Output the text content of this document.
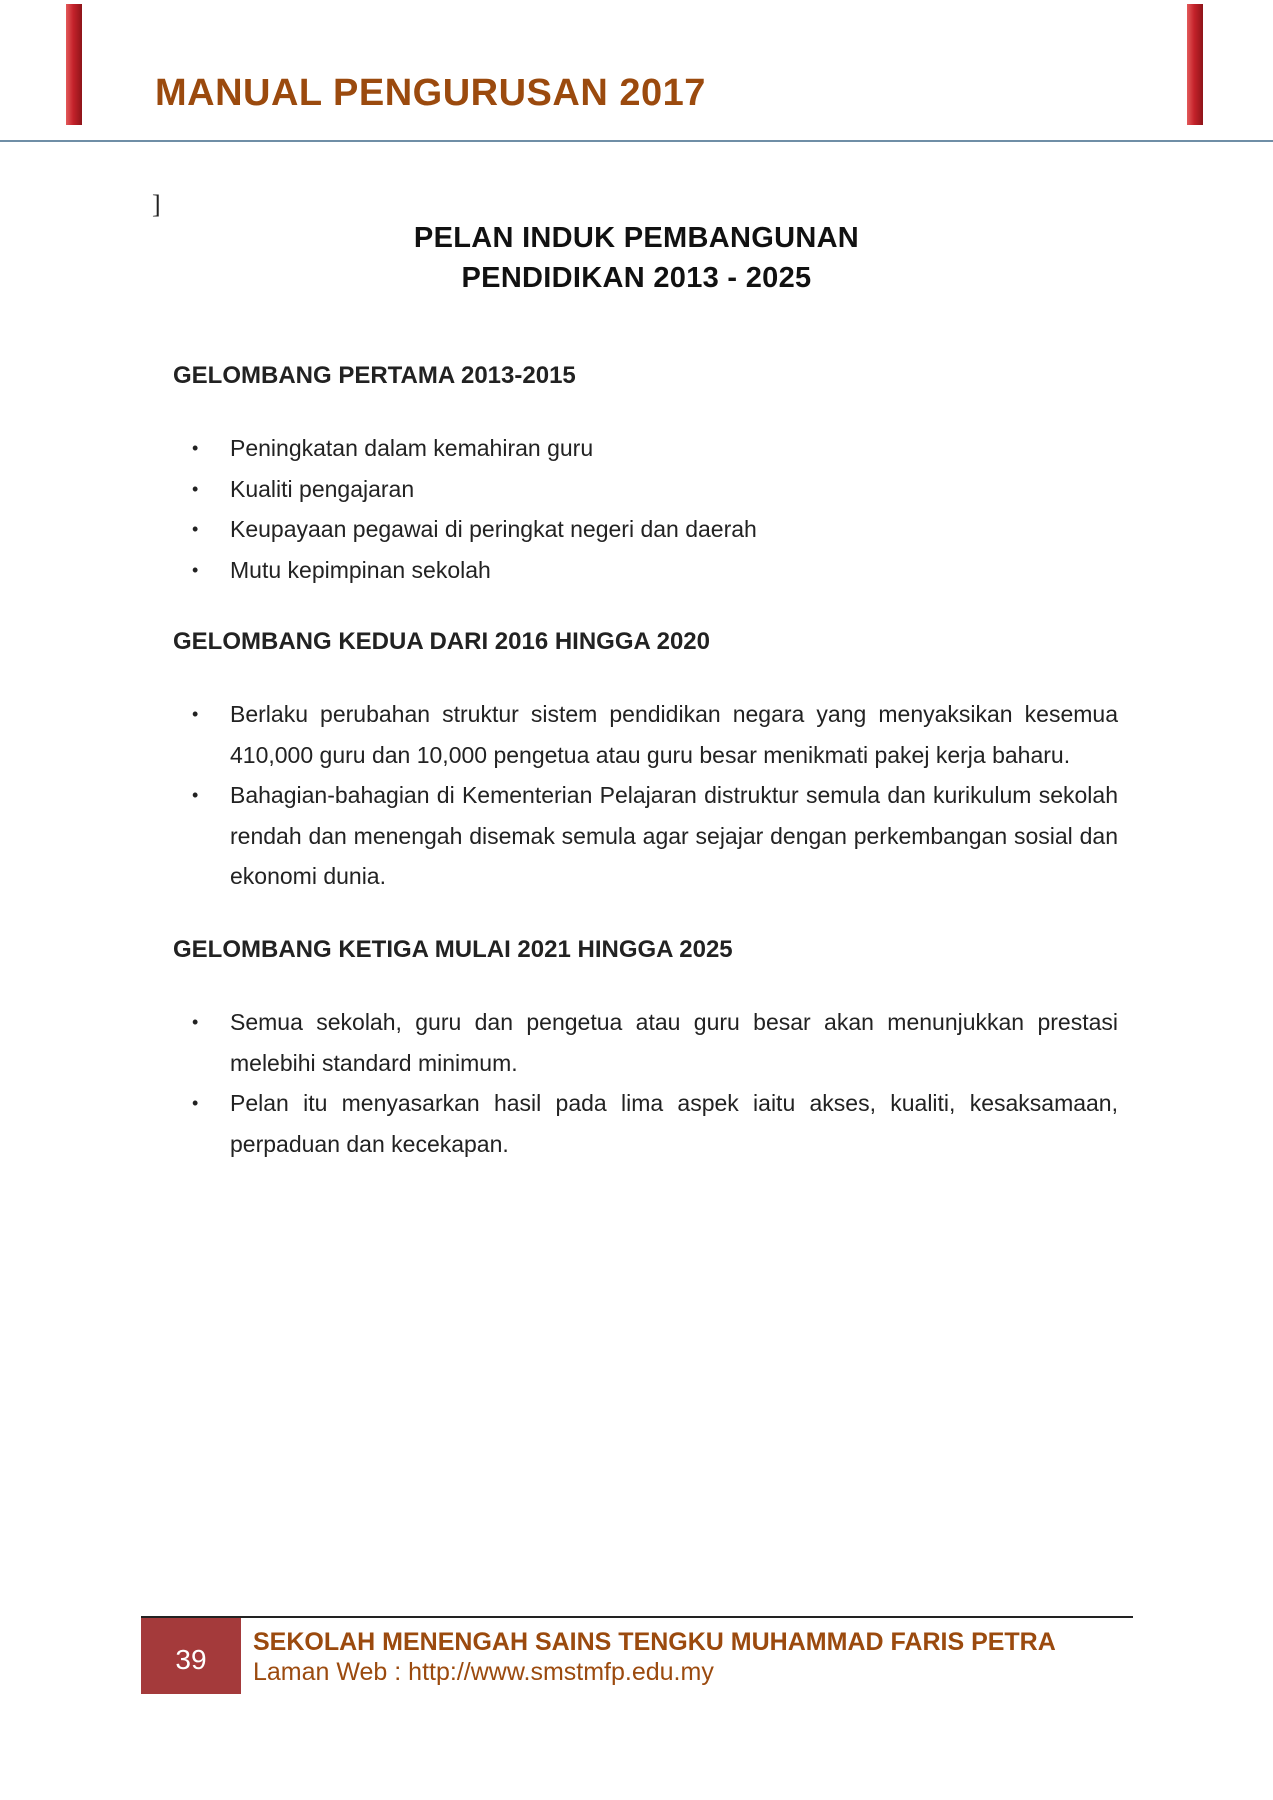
MANUAL PENGURUSAN 2017
]
PELAN INDUK PEMBANGUNAN
PENDIDIKAN 2013 - 2025
GELOMBANG PERTAMA 2013-2015
• Peningkatan dalam kemahiran guru
• Kualiti pengajaran
• Keupayaan pegawai di peringkat negeri dan daerah
• Mutu kepimpinan sekolah
GELOMBANG KEDUA DARI 2016 HINGGA 2020
• Berlaku perubahan struktur sistem pendidikan negara yang menyaksikan kesemua 410,000 guru dan 10,000 pengetua atau guru besar menikmati pakej kerja baharu.
• Bahagian-bahagian di Kementerian Pelajaran distruktur semula dan kurikulum sekolah rendah dan menengah disemak semula agar sejajar dengan perkembangan sosial dan ekonomi dunia.
GELOMBANG KETIGA MULAI 2021 HINGGA 2025
• Semua sekolah, guru dan pengetua atau guru besar akan menunjukkan prestasi melebihi standard minimum.
• Pelan itu menyasarkan hasil pada lima aspek iaitu akses, kualiti, kesaksamaan, perpaduan dan kecekapan.
39
SEKOLAH MENENGAH SAINS TENGKU MUHAMMAD FARIS PETRA
Laman Web : http://www.smstmfp.edu.my
